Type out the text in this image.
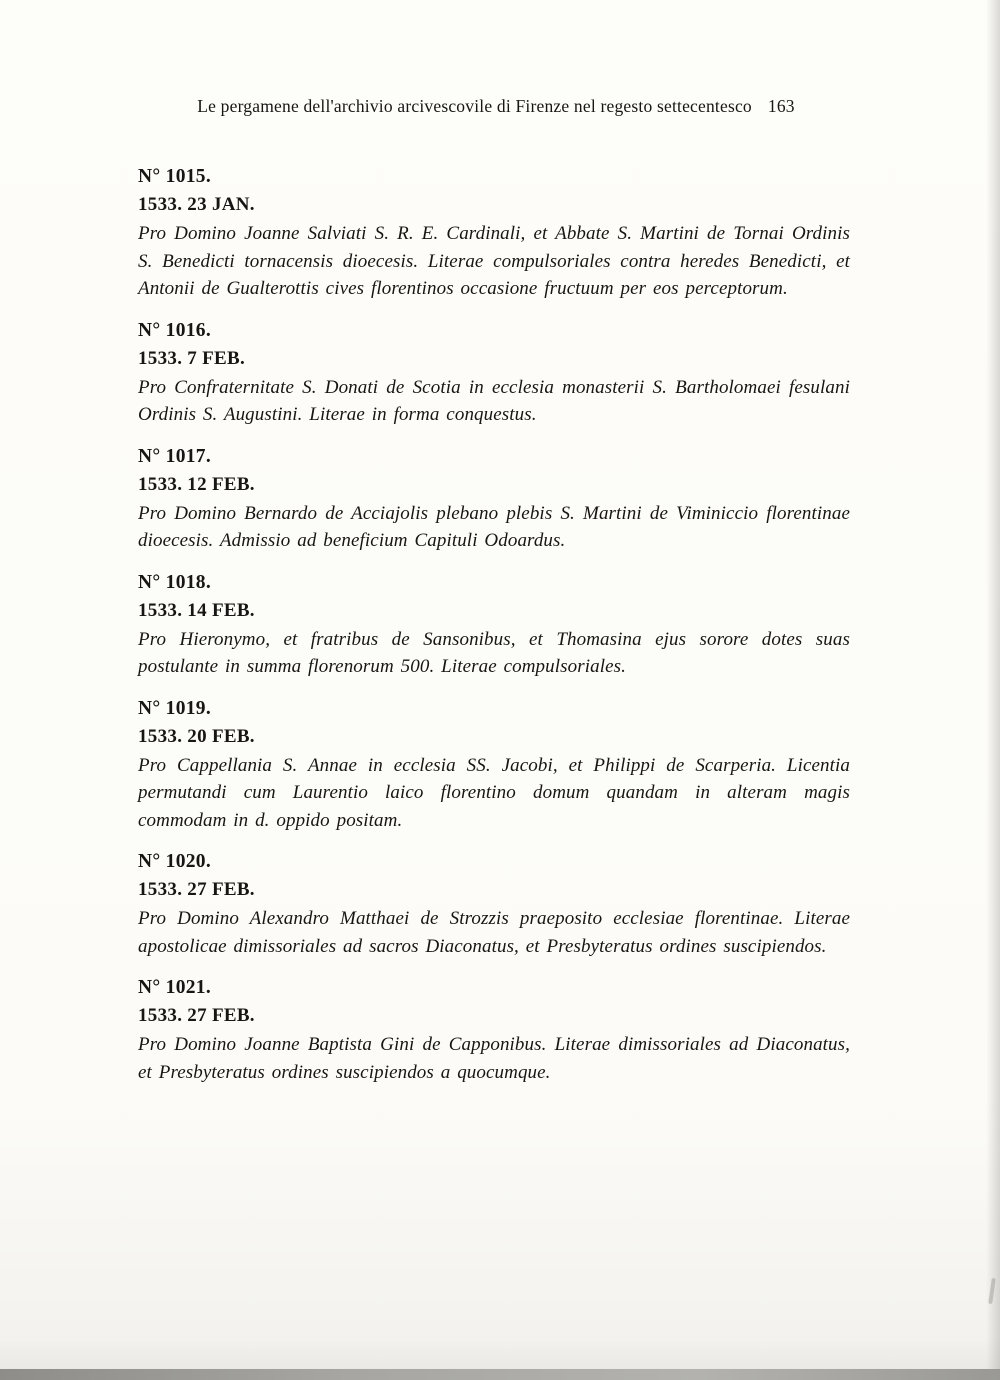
Le pergamene dell'archivio arcivescovile di Firenze nel regesto settecentesco 163
N° 1015.
1533. 23 JAN.

Pro Domino Joanne Salviati S. R. E. Cardinali, et Abbate S. Martini de Tornai Ordinis S. Benedicti tornacensis dioecesis. Literae compulsoriales contra heredes Benedicti, et Antonii de Gualterottis cives florentinos occasione fructuum per eos perceptorum.

N° 1016.
1533. 7 FEB.

Pro Confraternitate S. Donati de Scotia in ecclesia monasterii S. Bartholomaei fesulani Ordinis S. Augustini. Literae in forma conquestus.

N° 1017.
1533. 12 FEB.

Pro Domino Bernardo de Acciajolis plebano plebis S. Martini de Viminiccio florentinae dioecesis. Admissio ad beneficium Capituli Odoardus.

N° 1018.
1533. 14 FEB.

Pro Hieronymo, et fratribus de Sansonibus, et Thomasina ejus sorore dotes suas postulante in summa florenorum 500. Literae compulsoriales.

N° 1019.
1533. 20 FEB.

Pro Cappellania S. Annae in ecclesia SS. Jacobi, et Philippi de Scarperia. Licentia permutandi cum Laurentio laico florentino domum quandam in alteram magis commodam in d. oppido positam.

N° 1020.
1533. 27 FEB.

Pro Domino Alexandro Matthaei de Strozzis praeposito ecclesiae florentinae. Literae apostolicae dimissoriales ad sacros Diaconatus, et Presbyteratus ordines suscipiendos.

N° 1021.
1533. 27 FEB.

Pro Domino Joanne Baptista Gini de Capponibus. Literae dimissoriales ad Diaconatus, et Presbyteratus ordines suscipiendos a quocumque.
